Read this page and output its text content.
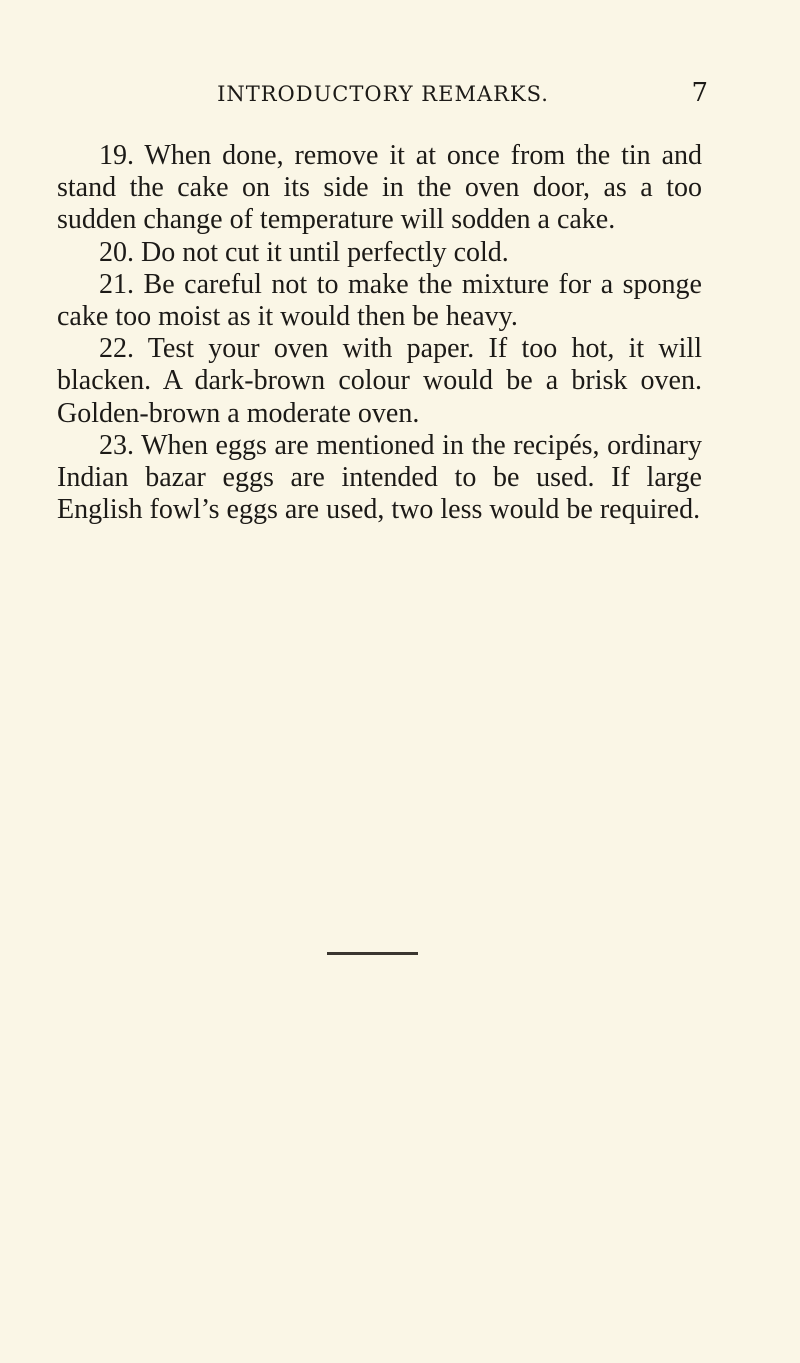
INTRODUCTORY REMARKS.	7

19. When done, remove it at once from the tin and stand the cake on its side in the oven door, as a too sudden change of temperature will sodden a cake.

20. Do not cut it until perfectly cold.

21. Be careful not to make the mixture for a sponge cake too moist as it would then be heavy.

22. Test your oven with paper. If too hot, it will blacken. A dark-brown colour would be a brisk oven. Golden-brown a moderate oven.

23. When eggs are mentioned in the recipés, ordinary Indian bazar eggs are intended to be used. If large English fowl’s eggs are used, two less would be required.
